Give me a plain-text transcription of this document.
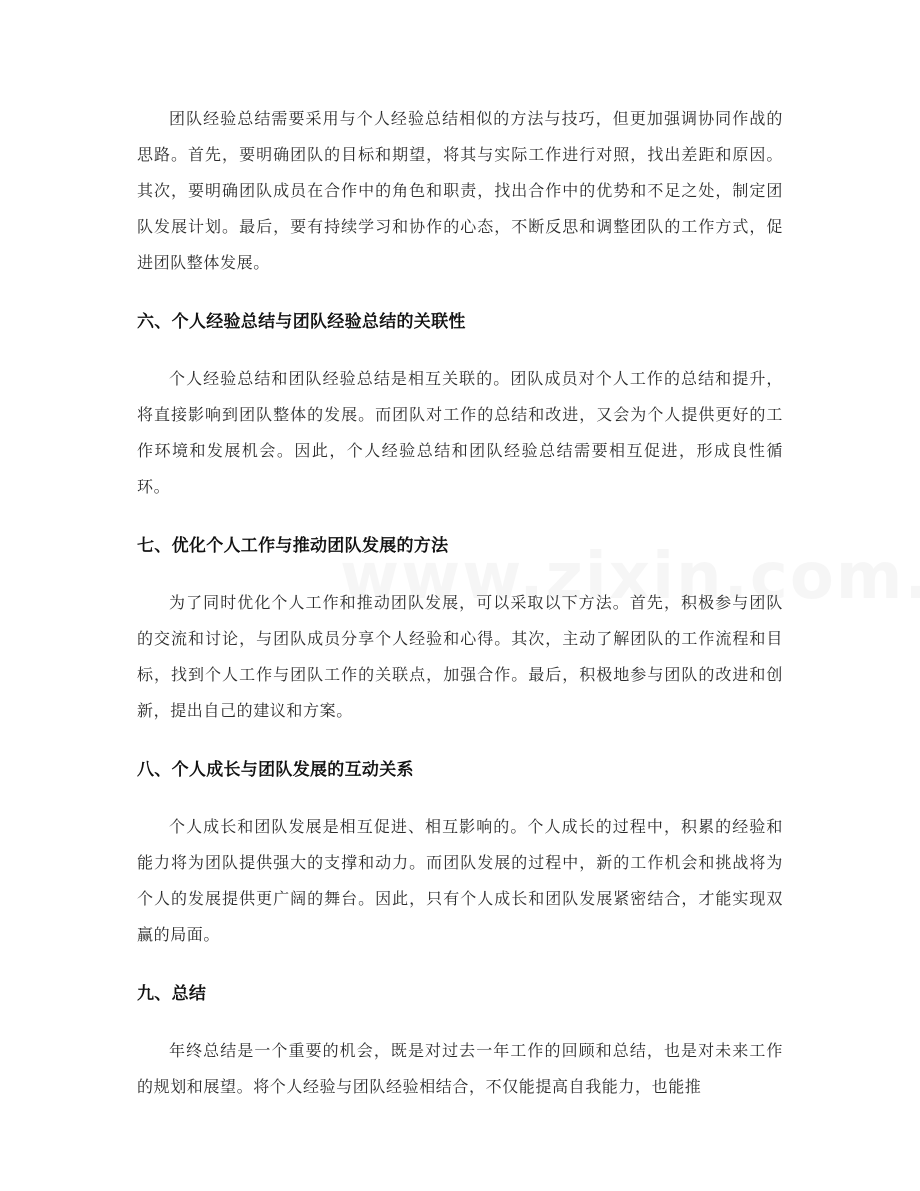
团队经验总结需要采用与个人经验总结相似的方法与技巧，但更加强调协同作战的思路。首先，要明确团队的目标和期望，将其与实际工作进行对照，找出差距和原因。其次，要明确团队成员在合作中的角色和职责，找出合作中的优势和不足之处，制定团队发展计划。最后，要有持续学习和协作的心态，不断反思和调整团队的工作方式，促进团队整体发展。

六、个人经验总结与团队经验总结的关联性

个人经验总结和团队经验总结是相互关联的。团队成员对个人工作的总结和提升，将直接影响到团队整体的发展。而团队对工作的总结和改进，又会为个人提供更好的工作环境和发展机会。因此，个人经验总结和团队经验总结需要相互促进，形成良性循环。

七、优化个人工作与推动团队发展的方法

为了同时优化个人工作和推动团队发展，可以采取以下方法。首先，积极参与团队的交流和讨论，与团队成员分享个人经验和心得。其次，主动了解团队的工作流程和目标，找到个人工作与团队工作的关联点，加强合作。最后，积极地参与团队的改进和创新，提出自己的建议和方案。

八、个人成长与团队发展的互动关系

个人成长和团队发展是相互促进、相互影响的。个人成长的过程中，积累的经验和能力将为团队提供强大的支撑和动力。而团队发展的过程中，新的工作机会和挑战将为个人的发展提供更广阔的舞台。因此，只有个人成长和团队发展紧密结合，才能实现双赢的局面。

九、总结

年终总结是一个重要的机会，既是对过去一年工作的回顾和总结，也是对未来工作的规划和展望。将个人经验与团队经验相结合，不仅能提高自我能力，也能推
